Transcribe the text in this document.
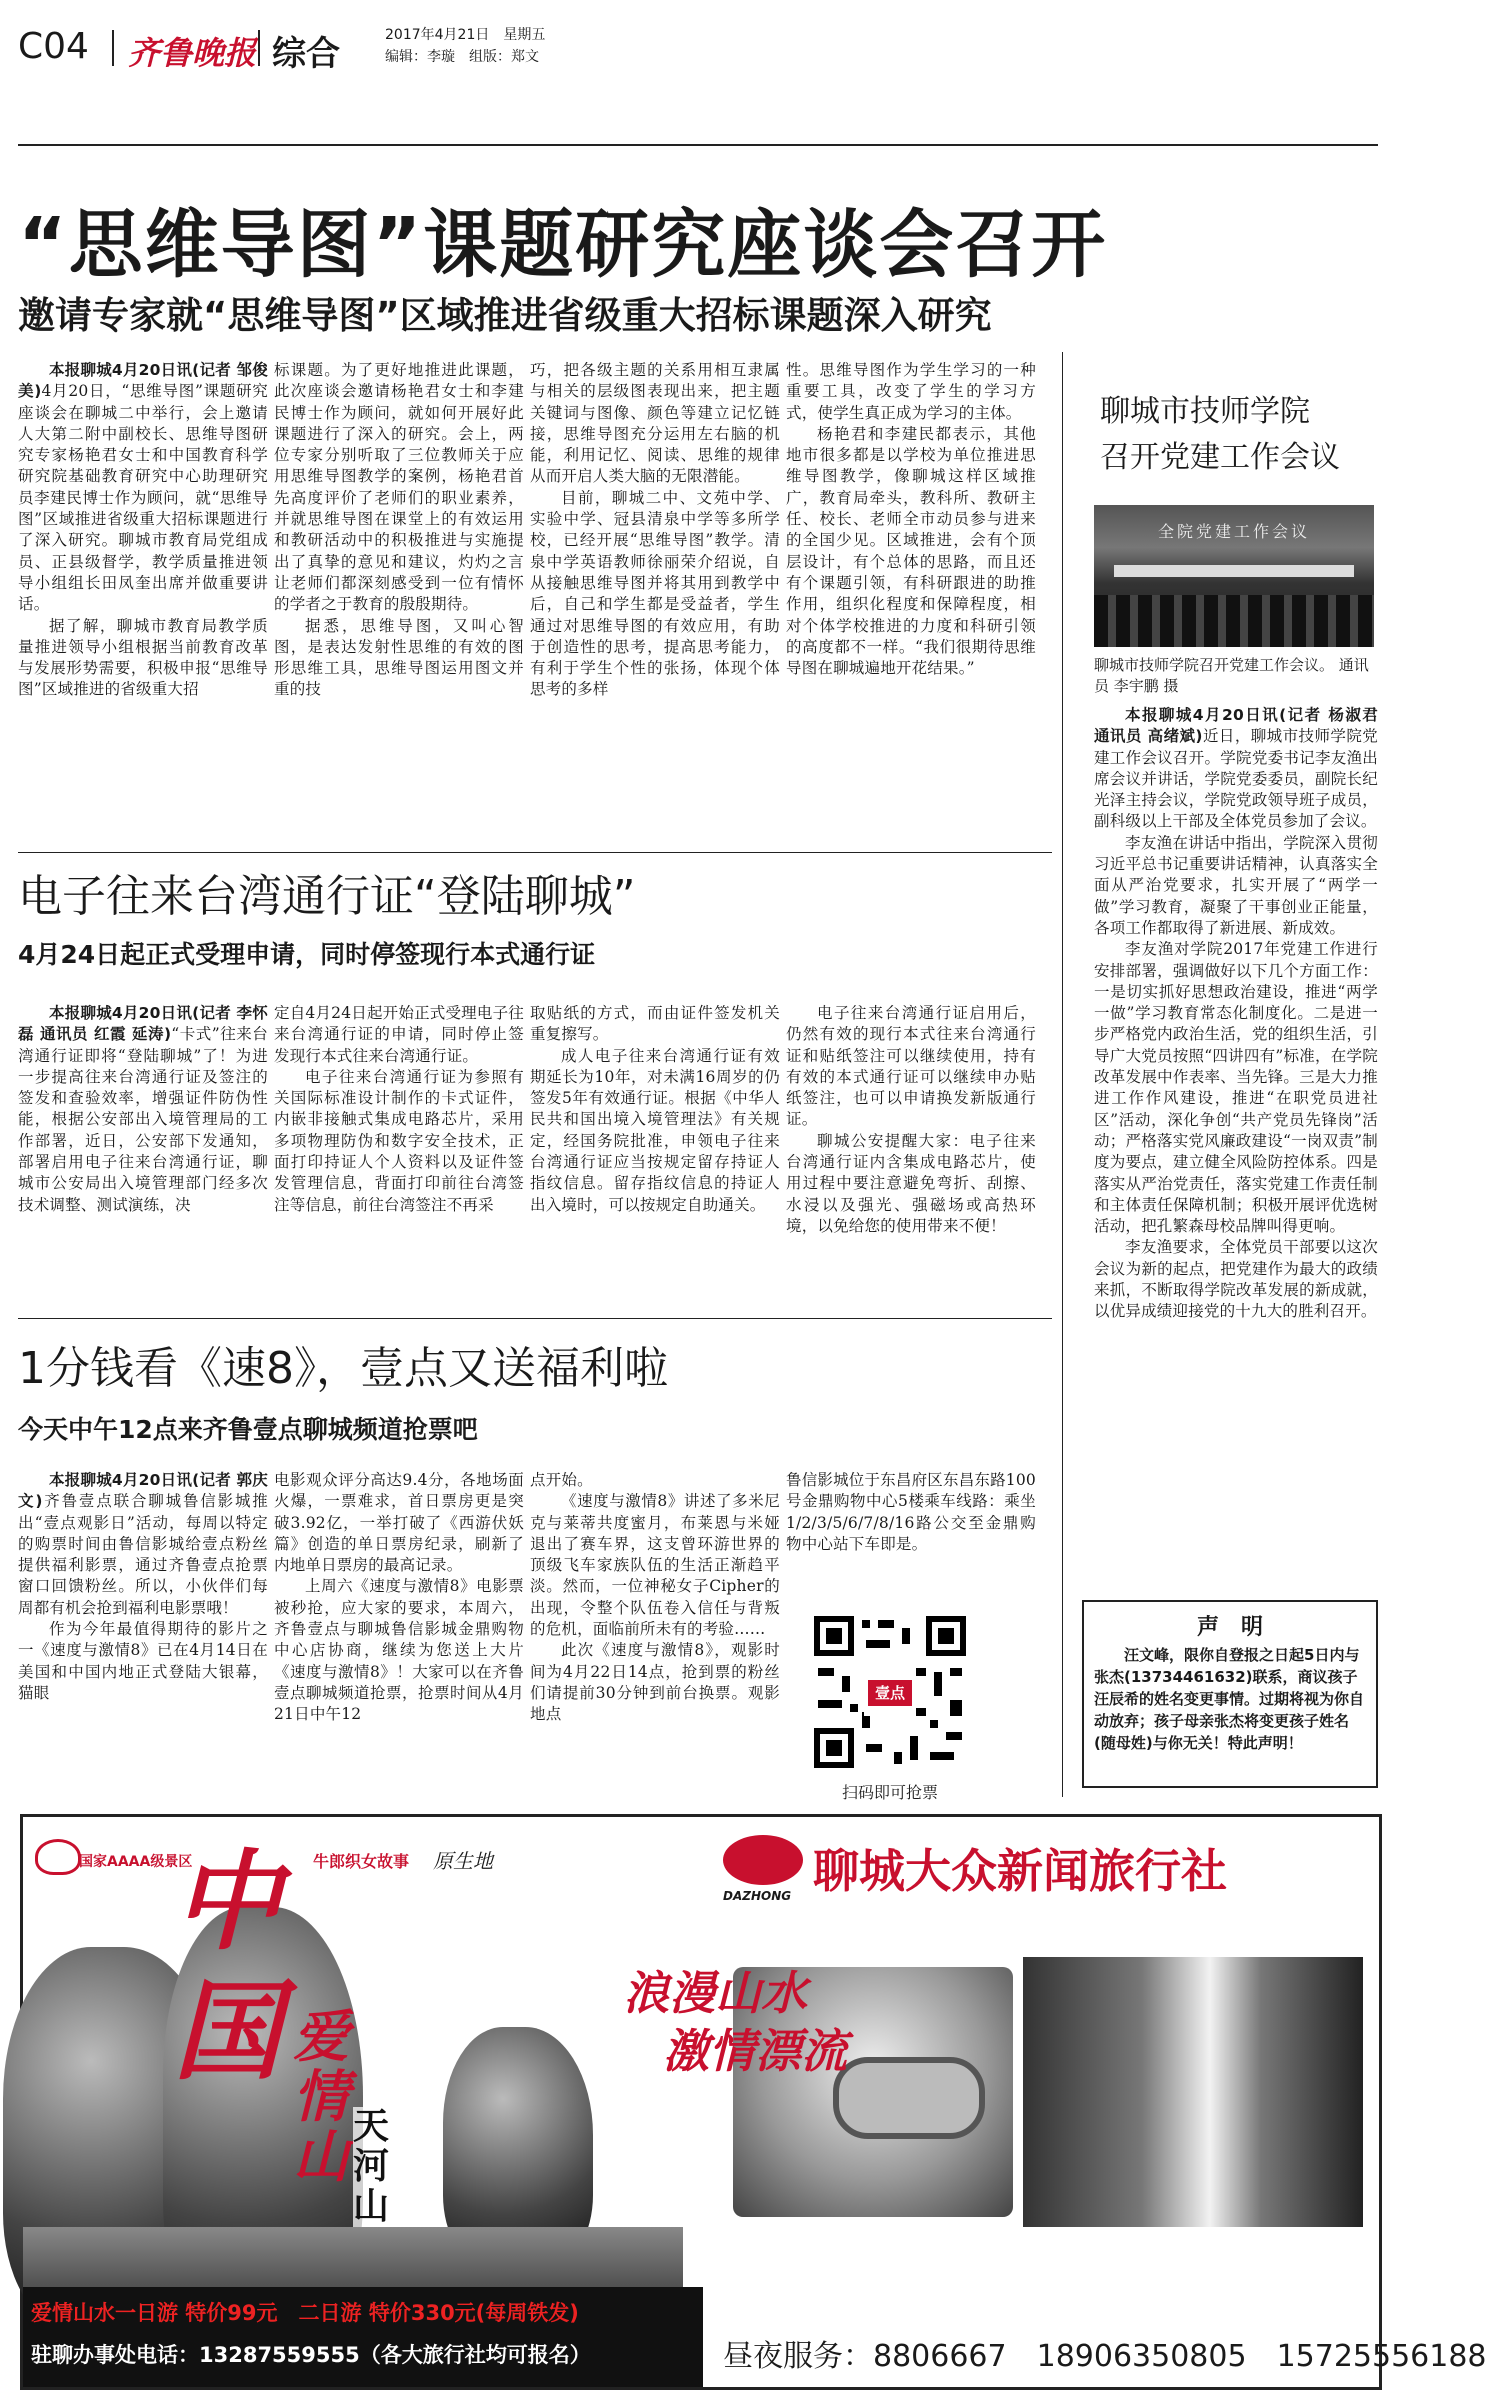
C04 齐鲁晚报 综合	2017年4月21日　星期五
编辑：李璇　组版：郑文
“思维导图”课题研究座谈会召开
邀请专家就“思维导图”区域推进省级重大招标课题深入研究

本报聊城4月20日讯(记者 邹俊美)4月20日，“思维导图”课题研究座谈会在聊城二中举行，会上邀请人大第二附中副校长、思维导图研究专家杨艳君女士和中国教育科学研究院基础教育研究中心助理研究员李建民博士作为顾问，就“思维导图”区域推进省级重大招标课题进行了深入研究。聊城市教育局党组成员、正县级督学，教学质量推进领导小组组长田凤奎出席并做重要讲话。

据了解，聊城市教育局教学质量推进领导小组根据当前教育改革与发展形势需要，积极申报“思维导图”区域推进的省级重大招

标课题。为了更好地推进此课题，此次座谈会邀请杨艳君女士和李建民博士作为顾问，就如何开展好此课题进行了深入的研究。会上，两位专家分别听取了三位教师关于应用思维导图教学的案例，杨艳君首先高度评价了老师们的职业素养，并就思维导图在课堂上的有效运用和教研活动中的积极推进与实施提出了真挚的意见和建议，灼灼之言让老师们都深刻感受到一位有情怀的学者之于教育的殷殷期待。

据悉，思维导图，又叫心智图，是表达发射性思维的有效的图形思维工具，思维导图运用图文并重的技

巧，把各级主题的关系用相互隶属与相关的层级图表现出来，把主题关键词与图像、颜色等建立记忆链接，思维导图充分运用左右脑的机能，利用记忆、阅读、思维的规律从而开启人类大脑的无限潜能。

目前，聊城二中、文苑中学、实验中学、冠县清泉中学等多所学校，已经开展“思维导图”教学。清泉中学英语教师徐丽荣介绍说，自从接触思维导图并将其用到教学中后，自己和学生都是受益者，学生通过对思维导图的有效应用，有助于创造性的思考，提高思考能力，有利于学生个性的张扬，体现个体思考的多样

性。思维导图作为学生学习的一种重要工具，改变了学生的学习方式，使学生真正成为学习的主体。

杨艳君和李建民都表示，其他地市很多都是以学校为单位推进思维导图教学，像聊城这样区域推广，教育局牵头，教科所、教研主任、校长、老师全市动员参与进来的全国少见。区域推进，会有个顶层设计，有个总体的思路，而且还有个课题引领，有科研跟进的助推作用，组织化程度和保障程度，相对个体学校推进的力度和科研引领的高度都不一样。“我们很期待思维导图在聊城遍地开花结果。”

聊城市技师学院
召开党建工作会议
全院党建工作会议
聊城市技师学院召开党建工作会议。 通讯员 李宇鹏 摄

本报聊城4月20日讯(记者 杨淑君 通讯员 高绪斌)近日，聊城市技师学院党建工作会议召开。学院党委书记李友渔出席会议并讲话，学院党委委员，副院长纪光泽主持会议，学院党政领导班子成员，副科级以上干部及全体党员参加了会议。

李友渔在讲话中指出，学院深入贯彻习近平总书记重要讲话精神，认真落实全面从严治党要求，扎实开展了“两学一做”学习教育，凝聚了干事创业正能量，各项工作都取得了新进展、新成效。

李友渔对学院2017年党建工作进行安排部署，强调做好以下几个方面工作：一是切实抓好思想政治建设，推进“两学一做”学习教育常态化制度化。二是进一步严格党内政治生活，党的组织生活，引导广大党员按照“四讲四有”标准，在学院改革发展中作表率、当先锋。三是大力推进工作作风建设，推进“在职党员进社区”活动，深化争创“共产党员先锋岗”活动；严格落实党风廉政建设“一岗双责”制度为要点，建立健全风险防控体系。四是落实从严治党责任，落实党建工作责任制和主体责任保障机制；积极开展评优选树活动，把孔繁森母校品牌叫得更响。

李友渔要求，全体党员干部要以这次会议为新的起点，把党建作为最大的政绩来抓，不断取得学院改革发展的新成就，以优异成绩迎接党的十九大的胜利召开。

声　明
汪文峰，限你自登报之日起5日内与张杰(13734461632)联系，商议孩子汪辰希的姓名变更事情。过期将视为你自动放弃；孩子母亲张杰将变更孩子姓名(随母姓)与你无关！特此声明！
电子往来台湾通行证“登陆聊城”
4月24日起正式受理申请，同时停签现行本式通行证

本报聊城4月20日讯(记者 李怀磊 通讯员 红霞 延涛)“卡式”往来台湾通行证即将“登陆聊城”了！为进一步提高往来台湾通行证及签注的签发和查验效率，增强证件防伪性能，根据公安部出入境管理局的工作部署，近日，公安部下发通知，部署启用电子往来台湾通行证，聊城市公安局出入境管理部门经多次技术调整、测试演练，决

定自4月24日起开始正式受理电子往来台湾通行证的申请，同时停止签发现行本式往来台湾通行证。

电子往来台湾通行证为参照有关国际标准设计制作的卡式证件，内嵌非接触式集成电路芯片，采用多项物理防伪和数字安全技术，正面打印持证人个人资料以及证件签发管理信息，背面打印前往台湾签注等信息，前往台湾签注不再采

取贴纸的方式，而由证件签发机关重复擦写。

成人电子往来台湾通行证有效期延长为10年，对未满16周岁的仍签发5年有效通行证。根据《中华人民共和国出境入境管理法》有关规定，经国务院批准，申领电子往来台湾通行证应当按规定留存持证人指纹信息。留存指纹信息的持证人出入境时，可以按规定自助通关。

电子往来台湾通行证启用后，仍然有效的现行本式往来台湾通行证和贴纸签注可以继续使用，持有有效的本式通行证可以继续申办贴纸签注，也可以申请换发新版通行证。

聊城公安提醒大家：电子往来台湾通行证内含集成电路芯片，使用过程中要注意避免弯折、刮擦、水浸以及强光、强磁场或高热环境，以免给您的使用带来不便！

1分钱看《速8》，壹点又送福利啦
今天中午12点来齐鲁壹点聊城频道抢票吧

本报聊城4月20日讯(记者 郭庆文)齐鲁壹点联合聊城鲁信影城推出“壹点观影日”活动，每周以特定的购票时间由鲁信影城给壹点粉丝提供福利影票，通过齐鲁壹点抢票窗口回馈粉丝。所以，小伙伴们每周都有机会抢到福利电影票哦！

作为今年最值得期待的影片之一《速度与激情8》已在4月14日在美国和中国内地正式登陆大银幕，猫眼

电影观众评分高达9.4分，各地场面火爆，一票难求，首日票房更是突破3.92亿，一举打破了《西游伏妖篇》创造的单日票房纪录，刷新了内地单日票房的最高记录。

上周六《速度与激情8》电影票被秒抢，应大家的要求，本周六，齐鲁壹点与聊城鲁信影城金鼎购物中心店协商，继续为您送上大片《速度与激情8》！大家可以在齐鲁壹点聊城频道抢票，抢票时间从4月21日中午12

点开始。

《速度与激情8》讲述了多米尼克与莱蒂共度蜜月，布莱恩与米娅退出了赛车界，这支曾环游世界的顶级飞车家族队伍的生活正渐趋平淡。然而，一位神秘女子Cipher的出现，令整个队伍卷入信任与背叛的危机，面临前所未有的考验……

此次《速度与激情8》，观影时间为4月22日14点，抢到票的粉丝们请提前30分钟到前台换票。观影地点

鲁信影城位于东昌府区东昌东路100号金鼎购物中心5楼乘车线路：乘坐1/2/3/5/6/7/8/16路公交至金鼎购物中心站下车即是。

壹点
扫码即可抢票
国家AAAA级景区	牛郎织女故事 原生地
中国 爱情山 天河山
DAZHONG 聊城大众新闻旅行社
浪漫山水
激情漂流
爱情山水一日游 特价99元　二日游 特价330元(每周铁发)
驻聊办事处电话：13287559555（各大旅行社均可报名）	昼夜服务：8806667　18906350805　15725556188
